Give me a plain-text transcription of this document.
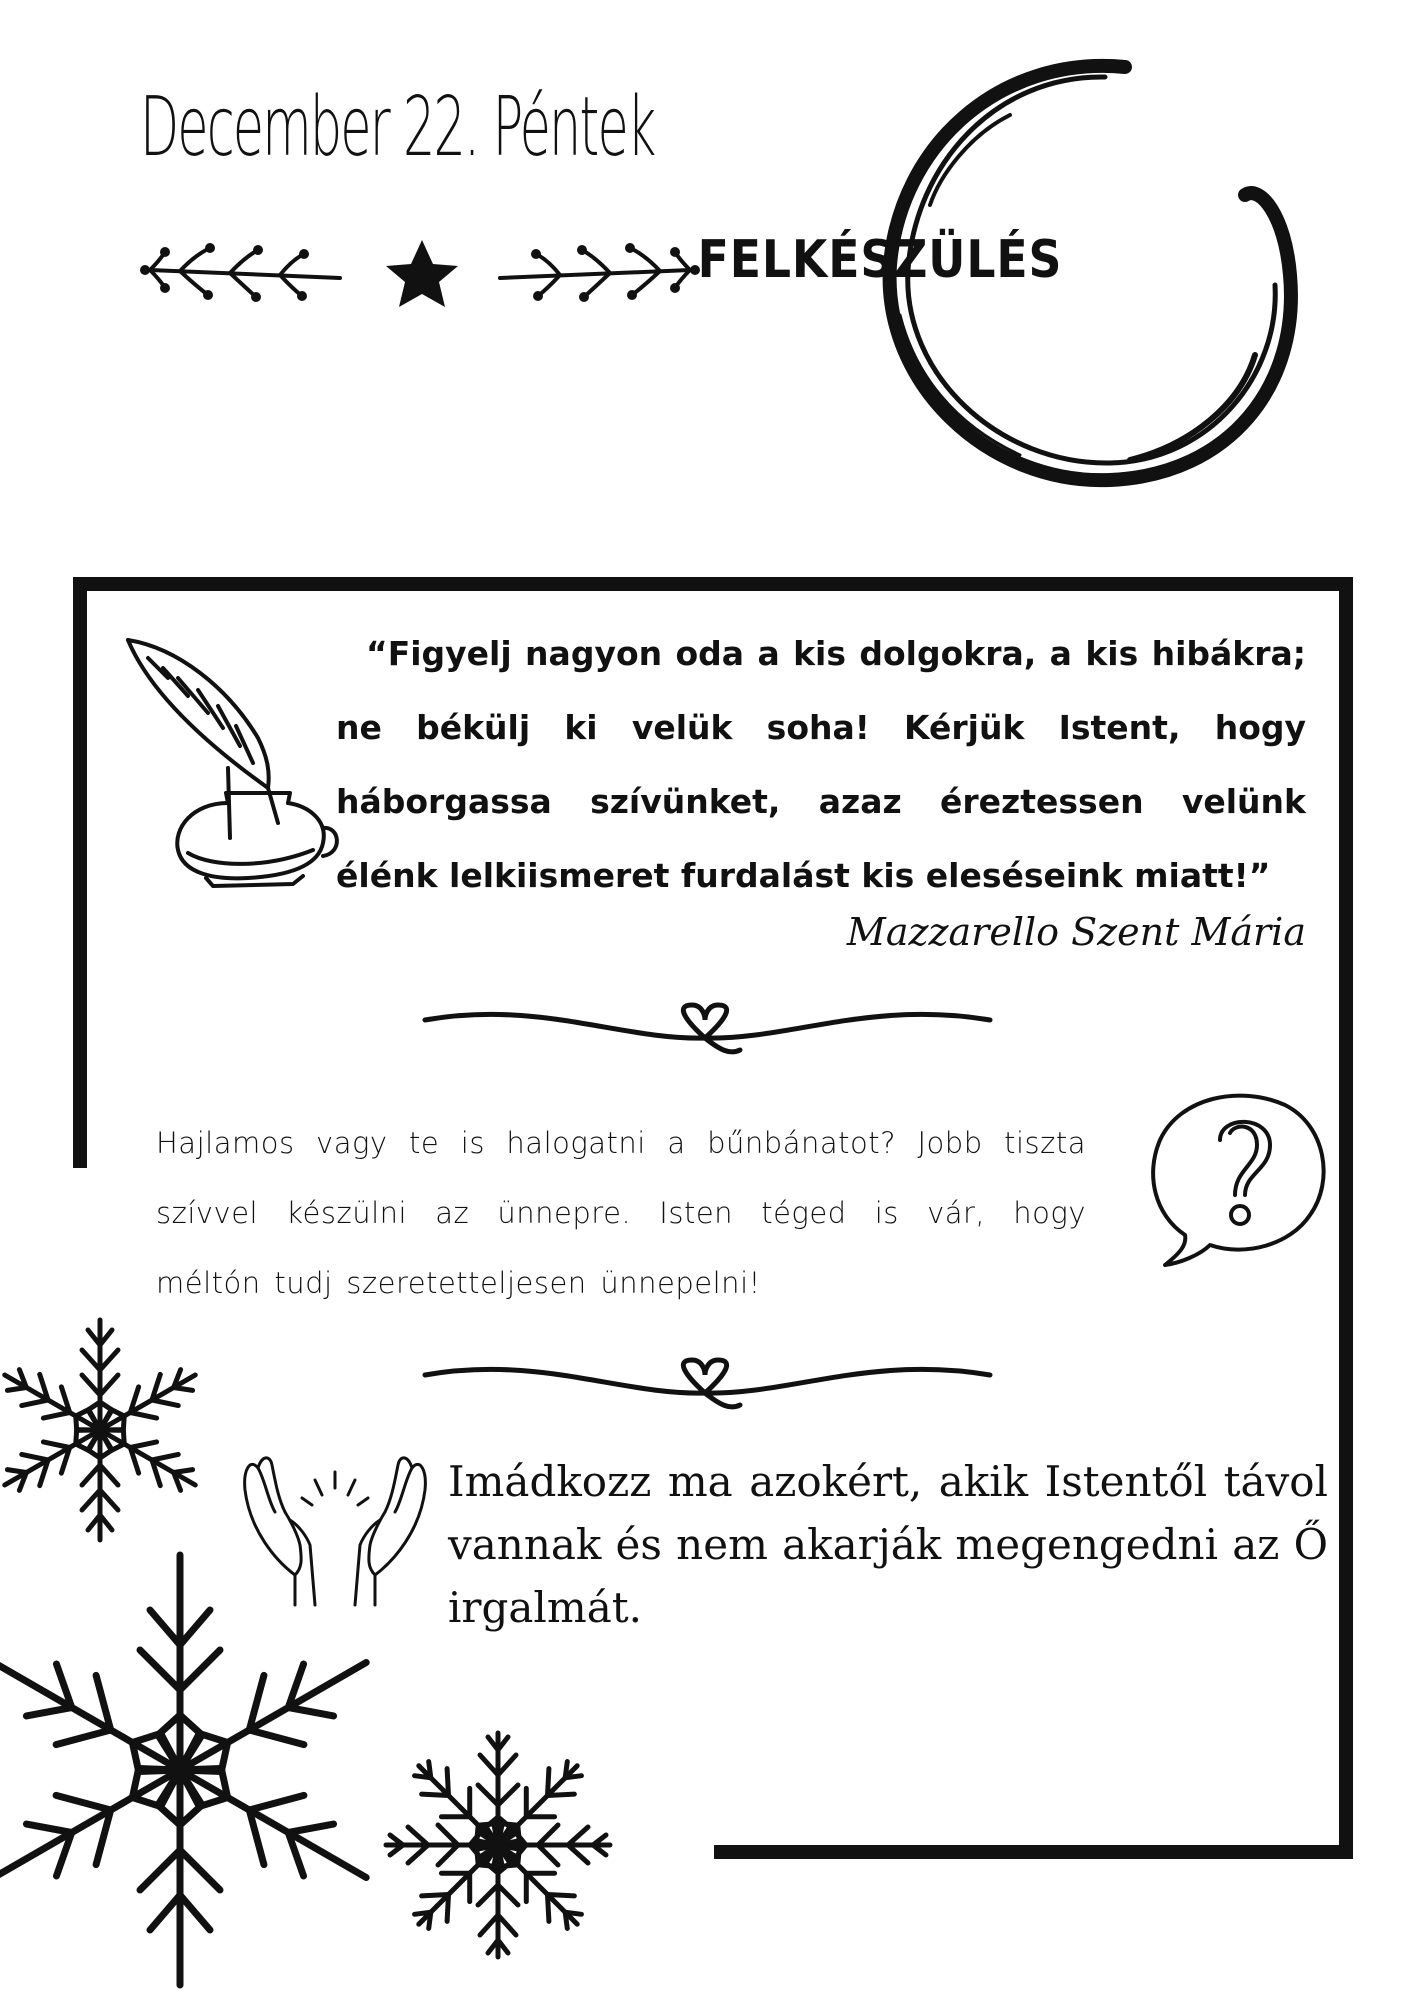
December 22. Péntek
FELKÉSZÜLÉS
“Figyelj nagyon oda a kis dolgokra, a kis hibákra; ne békülj ki velük soha! Kérjük Istent, hogy háborgassa szívünket, azaz éreztessen velünk élénk lelkiismeret furdalást kis eleséseink miatt!”
Mazzarello Szent Mária
Hajlamos vagy te is halogatni a bűnbánatot? Jobb tiszta szívvel készülni az ünnepre. Isten téged is vár, hogy méltón tudj szeretetteljesen ünnepelni!
Imádkozz ma azokért, akik Istentől távol vannak és nem akarják megengedni az Ő irgalmát.
